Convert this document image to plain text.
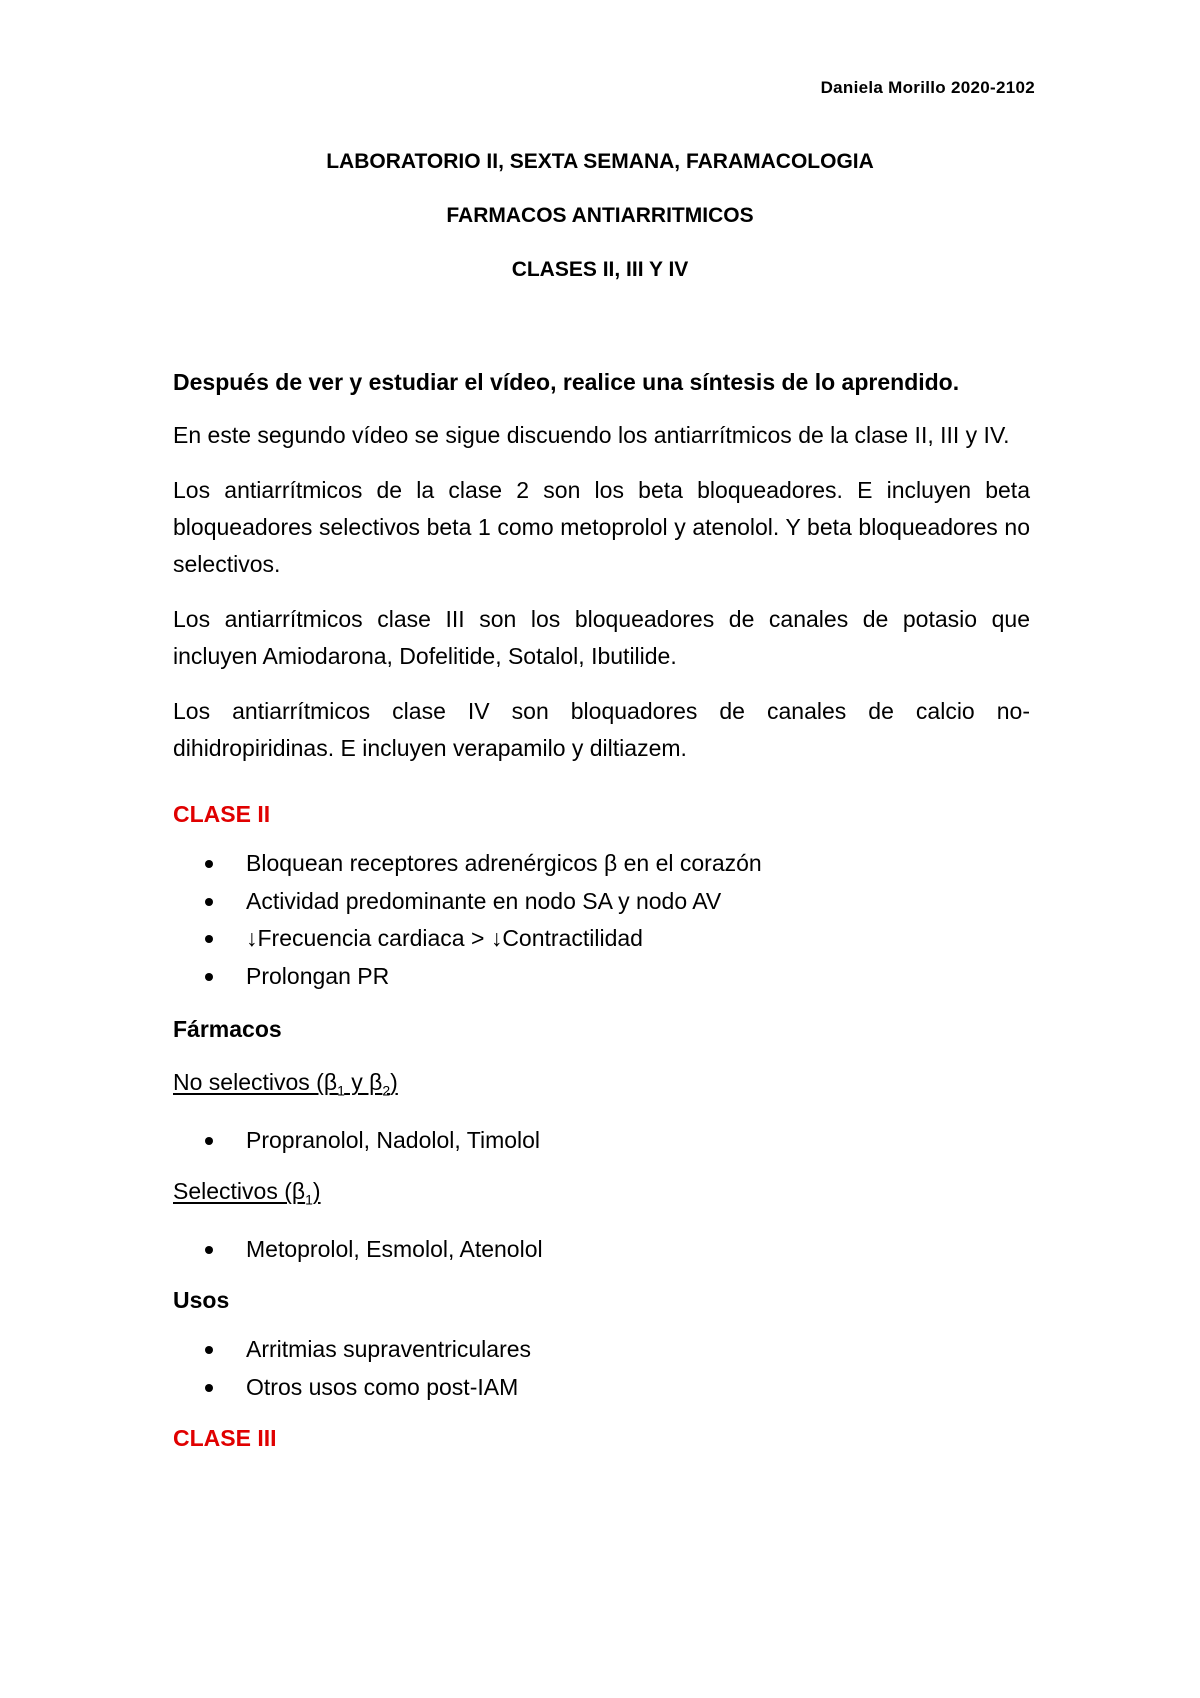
Daniela Morillo 2020-2102
LABORATORIO II, SEXTA SEMANA, FARAMACOLOGIA
FARMACOS ANTIARRITMICOS
CLASES II, III Y IV

Después de ver y estudiar el vídeo, realice una síntesis de lo aprendido.

En este segundo vídeo se sigue discuendo los antiarrítmicos de la clase II, III y IV.

Los antiarrítmicos de la clase 2 son los beta bloqueadores. E incluyen beta bloqueadores selectivos beta 1 como metoprolol y atenolol. Y beta bloqueadores no selectivos.

Los antiarrítmicos clase III son los bloqueadores de canales de potasio que incluyen Amiodarona, Dofelitide, Sotalol, Ibutilide.

Los antiarrítmicos clase IV son bloquadores de canales de calcio no-dihidropiridinas. E incluyen verapamilo y diltiazem.

CLASE II
Bloquean receptores adrenérgicos β en el corazón
Actividad predominante en nodo SA y nodo AV
↓Frecuencia cardiaca > ↓Contractilidad
Prolongan PR
Fármacos
No selectivos ($\beta_1$ y $\beta_2$)
Propranolol, Nadolol, Timolol
Selectivos $(\beta_1)$
Metoprolol, Esmolol, Atenolol
Usos
Arritmias supraventriculares
Otros usos como post-IAM
CLASE III
